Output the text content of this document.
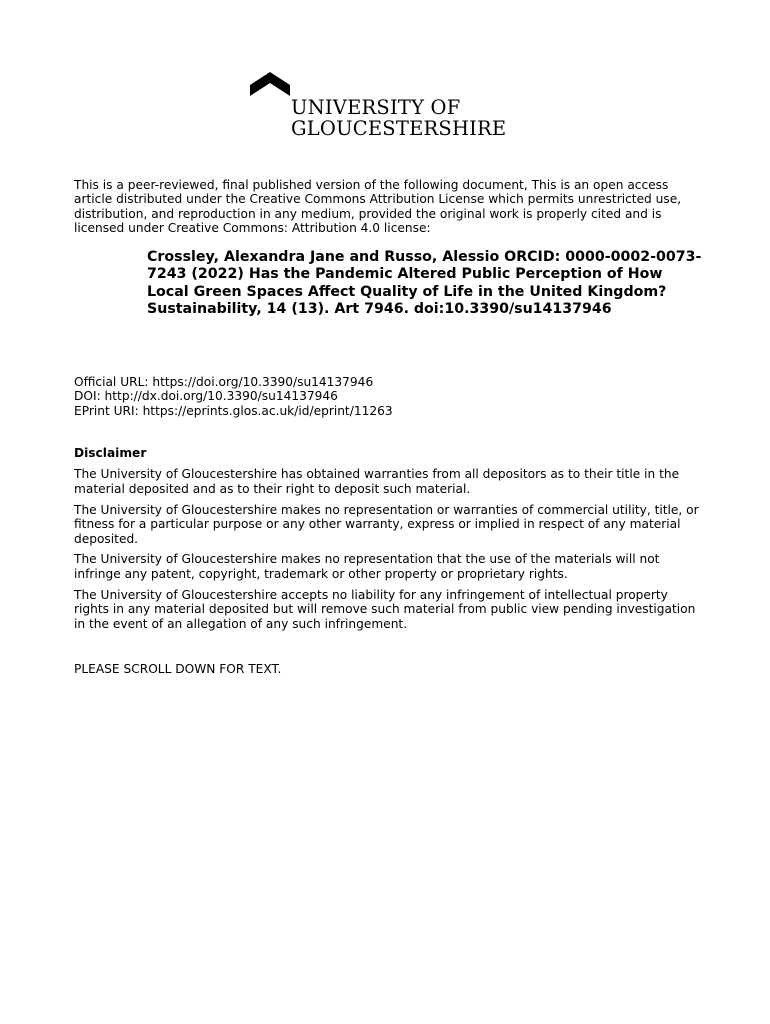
UNIVERSITY OF
GLOUCESTERSHIRE
This is a peer-reviewed, final published version of the following document, This is an open access article distributed under the Creative Commons Attribution License which permits unrestricted use, distribution, and reproduction in any medium, provided the original work is properly cited and is licensed under Creative Commons: Attribution 4.0 license:
Crossley, Alexandra Jane and Russo, Alessio ORCID: 0000-0002-0073-7243 (2022) Has the Pandemic Altered Public Perception of How Local Green Spaces Affect Quality of Life in the United Kingdom? Sustainability, 14 (13). Art 7946. doi:10.3390/su14137946
Official URL: https://doi.org/10.3390/su14137946
DOI: http://dx.doi.org/10.3390/su14137946
EPrint URI: https://eprints.glos.ac.uk/id/eprint/11263
Disclaimer

The University of Gloucestershire has obtained warranties from all depositors as to their title in the material deposited and as to their right to deposit such material.

The University of Gloucestershire makes no representation or warranties of commercial utility, title, or fitness for a particular purpose or any other warranty, express or implied in respect of any material deposited.

The University of Gloucestershire makes no representation that the use of the materials will not infringe any patent, copyright, trademark or other property or proprietary rights.

The University of Gloucestershire accepts no liability for any infringement of intellectual property rights in any material deposited but will remove such material from public view pending investigation in the event of an allegation of any such infringement.

PLEASE SCROLL DOWN FOR TEXT.
